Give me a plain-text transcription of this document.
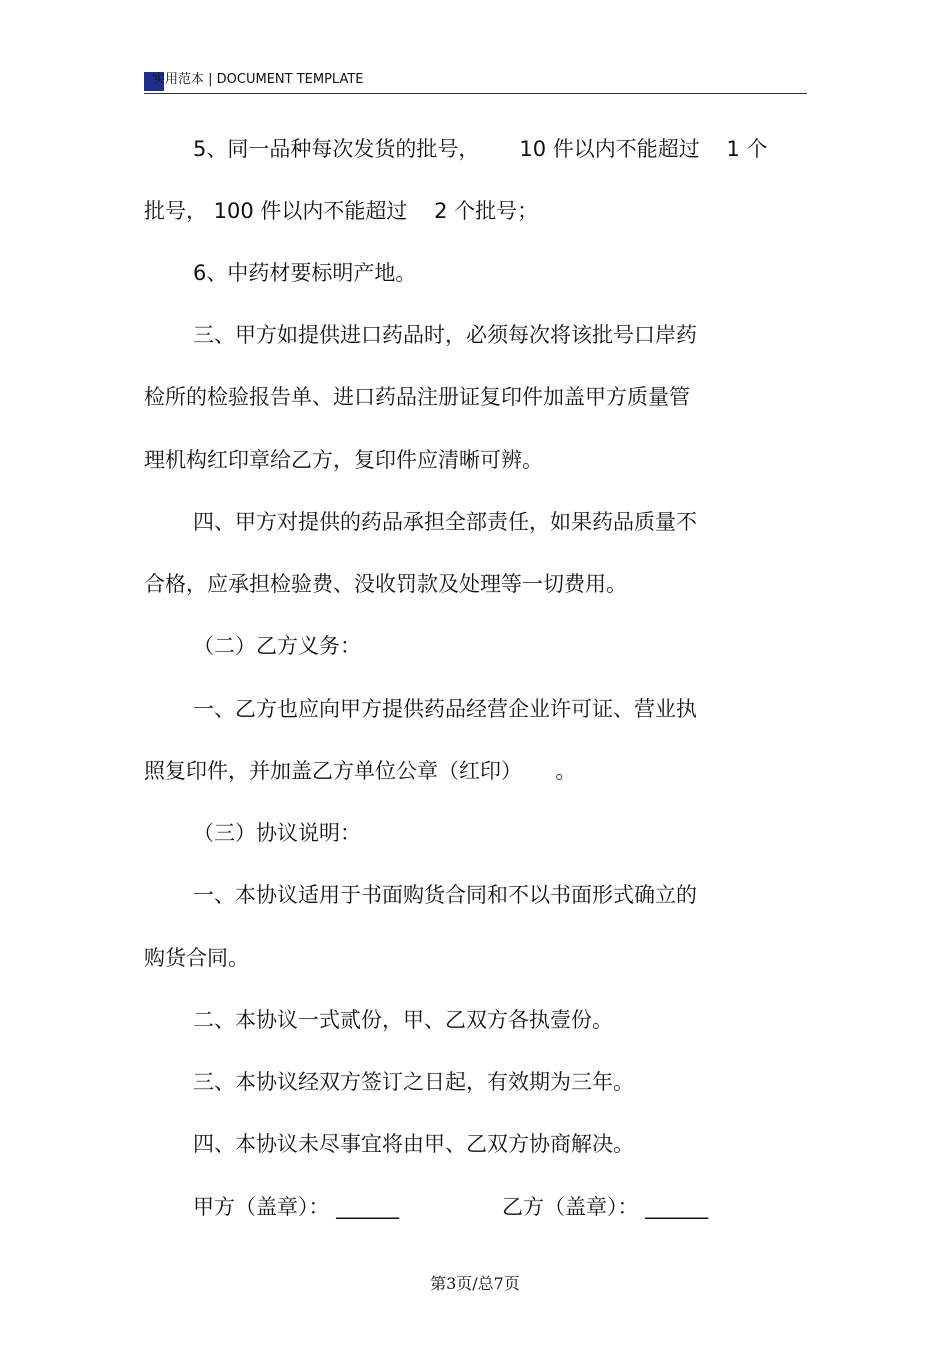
实用范本 | DOCUMENT TEMPLATE
5、同一品种每次发货的批号，      10 件以内不能超过    1 个
批号， 100 件以内不能超过    2 个批号；
6、中药材要标明产地。
三、甲方如提供进口药品时，必须每次将该批号口岸药
检所的检验报告单、进口药品注册证复印件加盖甲方质量管
理机构红印章给乙方，复印件应清晰可辨。
四、甲方对提供的药品承担全部责任，如果药品质量不
合格，应承担检验费、没收罚款及处理等一切费用。
（二）乙方义务：
一、乙方也应向甲方提供药品经营企业许可证、营业执
照复印件，并加盖乙方单位公章（红印）     。
（三）协议说明：
一、本协议适用于书面购货合同和不以书面形式确立的
购货合同。
二、本协议一式贰份，甲、乙双方各执壹份。
三、本协议经双方签订之日起，有效期为三年。
四、本协议未尽事宜将由甲、乙双方协商解决。
甲方（盖章）： ______	乙方（盖章）： ______
第3页/总7页
